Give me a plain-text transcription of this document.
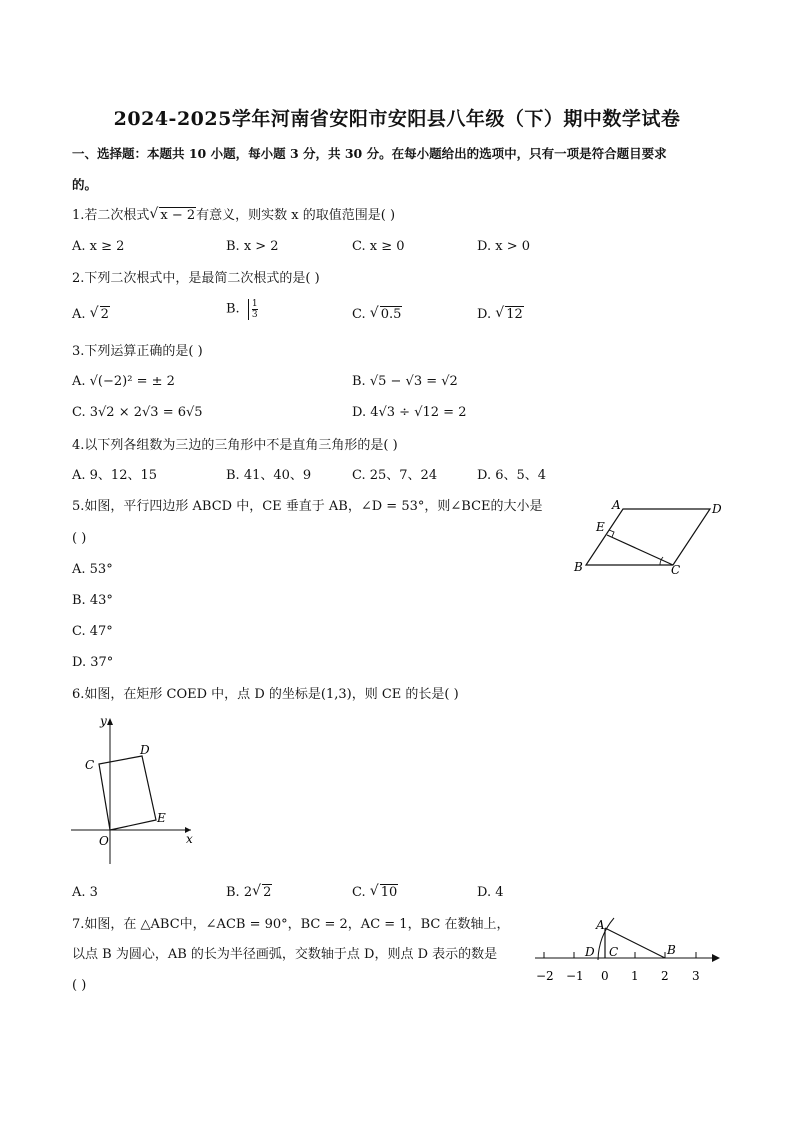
2024-2025学年河南省安阳市安阳县八年级（下）期中数学试卷
一、选择题：本题共 10 小题，每小题 3 分，共 30 分。在每小题给出的选项中，只有一项是符合题目要求
的。
1.若二次根式 √ x − 2有意义，则实数 x 的取值范围是( )
A. x ≥ 2	B. x > 2	C. x ≥ 0	D. x > 0
2.下列二次根式中，是最简二次根式的是( )
A. √ 2	B. $\frac{1}{3}$	C. √ 0.5	D. √ 12
3.下列运算正确的是( )
A. √(−2)² = ± 2	B. √5 − √3 = √2
C. 3√2 × 2√3 = 6√5	D. 4√3 ÷ √12 = 2
4.以下列各组数为三边的三角形中不是直角三角形的是( )
A. 9、12、15	B. 41、40、9	C. 25、7、24	D. 6、5、4
5.如图，平行四边形 ABCD 中，CE 垂直于 AB，∠D = 53°，则∠BCE的大小是
( )
A. 53°
B. 43°
C. 47°
D. 37°
A	D
E
B	C
6.如图，在矩形 COED 中，点 D 的坐标是(1,3)，则 CE 的长是( )
y
x
O
C
D
E
A. 3	B. 2 √ 2	C. √ 10	D. 4
7.如图，在 △ABC中，∠ACB = 90°，BC = 2，AC = 1，BC 在数轴上，
以点 B 为圆心，AB 的长为半径画弧，交数轴于点 D，则点 D 表示的数是
( )
A
B
C
D
−2 −1 0 1 2 3
